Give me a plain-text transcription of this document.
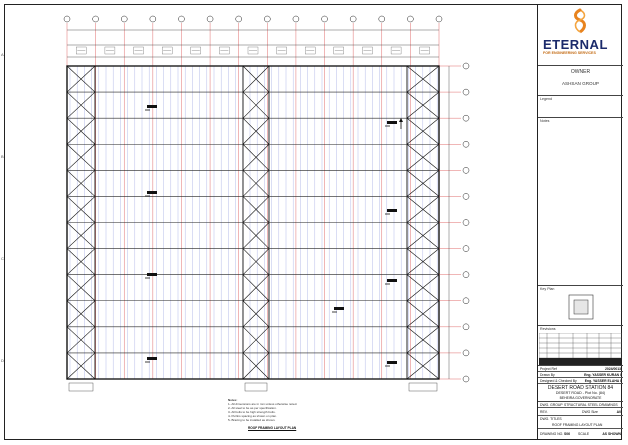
A
B
C
D
Notes:
1- All dimensions are in mm unless otherwise noted.
2- All steel to be as per specification.
3- All bolts to be high strength bolts.
4- Purlins spacing as shown on plan.
5- Bracing to be installed as shown.
ROOF FRAMING LAYOUT PLAN
ETERNAL
FOR ENGINEERING SERVICES
OWNER
ASHSAN GROUP
Legend
Notes
Key Plan
Revisions
Project Ref	2024/0013
Drawn By	Eng. YASSER KURAN I
Designed & Checked By Eng. YASSER ELAHA I
DESERT ROAD STATION 84
DESERT ROAD - Plot No. (84)
BEHEIRA GOVERNORATE
DWG. GROUP STRUCTURAL STEEL DRAWINGS
REV.	DWG Size	A0
DWG. TITLES
ROOF FRAMING LAYOUT PLAN
DRAWING NO. S06 SCALE	AS SHOWN
